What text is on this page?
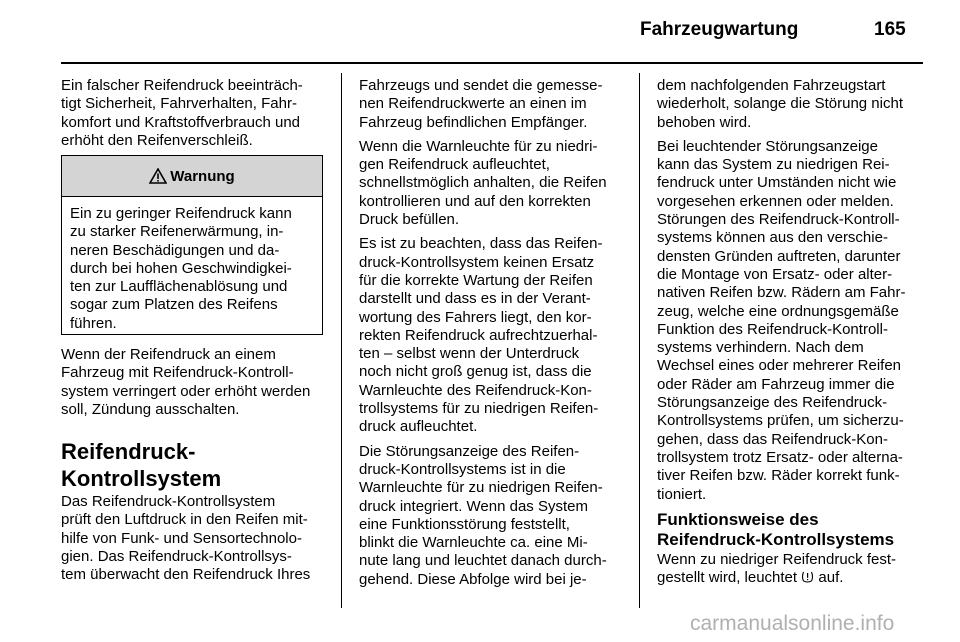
Fahrzeugwartung	165
Ein falscher Reifendruck beeinträch-
tigt Sicherheit, Fahrverhalten, Fahr-
komfort und Kraftstoffverbrauch und
erhöht den Reifenverschleiß.
Warnung
Ein zu geringer Reifendruck kann
zu starker Reifenerwärmung, in-
neren Beschädigungen und da-
durch bei hohen Geschwindigkei-
ten zur Laufflächenablösung und
sogar zum Platzen des Reifens
führen.
Wenn der Reifendruck an einem
Fahrzeug mit Reifendruck-Kontroll-
system verringert oder erhöht werden
soll, Zündung ausschalten.
Reifendruck-
Kontrollsystem
Das Reifendruck-Kontrollsystem
prüft den Luftdruck in den Reifen mit-
hilfe von Funk- und Sensortechnolo-
gien. Das Reifendruck-Kontrollsys-
tem überwacht den Reifendruck Ihres

Fahrzeugs und sendet die gemesse-
nen Reifendruckwerte an einen im
Fahrzeug befindlichen Empfänger.

Wenn die Warnleuchte für zu niedri-
gen Reifendruck aufleuchtet,
schnellstmöglich anhalten, die Reifen
kontrollieren und auf den korrekten
Druck befüllen.

Es ist zu beachten, dass das Reifen-
druck-Kontrollsystem keinen Ersatz
für die korrekte Wartung der Reifen
darstellt und dass es in der Verant-
wortung des Fahrers liegt, den kor-
rekten Reifendruck aufrechtzuerhal-
ten – selbst wenn der Unterdruck
noch nicht groß genug ist, dass die
Warnleuchte des Reifendruck-Kon-
trollsystems für zu niedrigen Reifen-
druck aufleuchtet.

Die Störungsanzeige des Reifen-
druck-Kontrollsystems ist in die
Warnleuchte für zu niedrigen Reifen-
druck integriert. Wenn das System
eine Funktionsstörung feststellt,
blinkt die Warnleuchte ca. eine Mi-
nute lang und leuchtet danach durch-
gehend. Diese Abfolge wird bei je-

dem nachfolgenden Fahrzeugstart
wiederholt, solange die Störung nicht
behoben wird.

Bei leuchtender Störungsanzeige
kann das System zu niedrigen Rei-
fendruck unter Umständen nicht wie
vorgesehen erkennen oder melden.
Störungen des Reifendruck-Kontroll-
systems können aus den verschie-
densten Gründen auftreten, darunter
die Montage von Ersatz- oder alter-
nativen Reifen bzw. Rädern am Fahr-
zeug, welche eine ordnungsgemäße
Funktion des Reifendruck-Kontroll-
systems verhindern. Nach dem
Wechsel eines oder mehrerer Reifen
oder Räder am Fahrzeug immer die
Störungsanzeige des Reifendruck-
Kontrollsystems prüfen, um sicherzu-
gehen, dass das Reifendruck-Kon-
trollsystem trotz Ersatz- oder alterna-
tiver Reifen bzw. Räder korrekt funk-
tioniert.

Funktionsweise des
Reifendruck-Kontrollsystems
Wenn zu niedriger Reifendruck fest-
gestellt wird, leuchtet auf.
carmanualsonline.info
